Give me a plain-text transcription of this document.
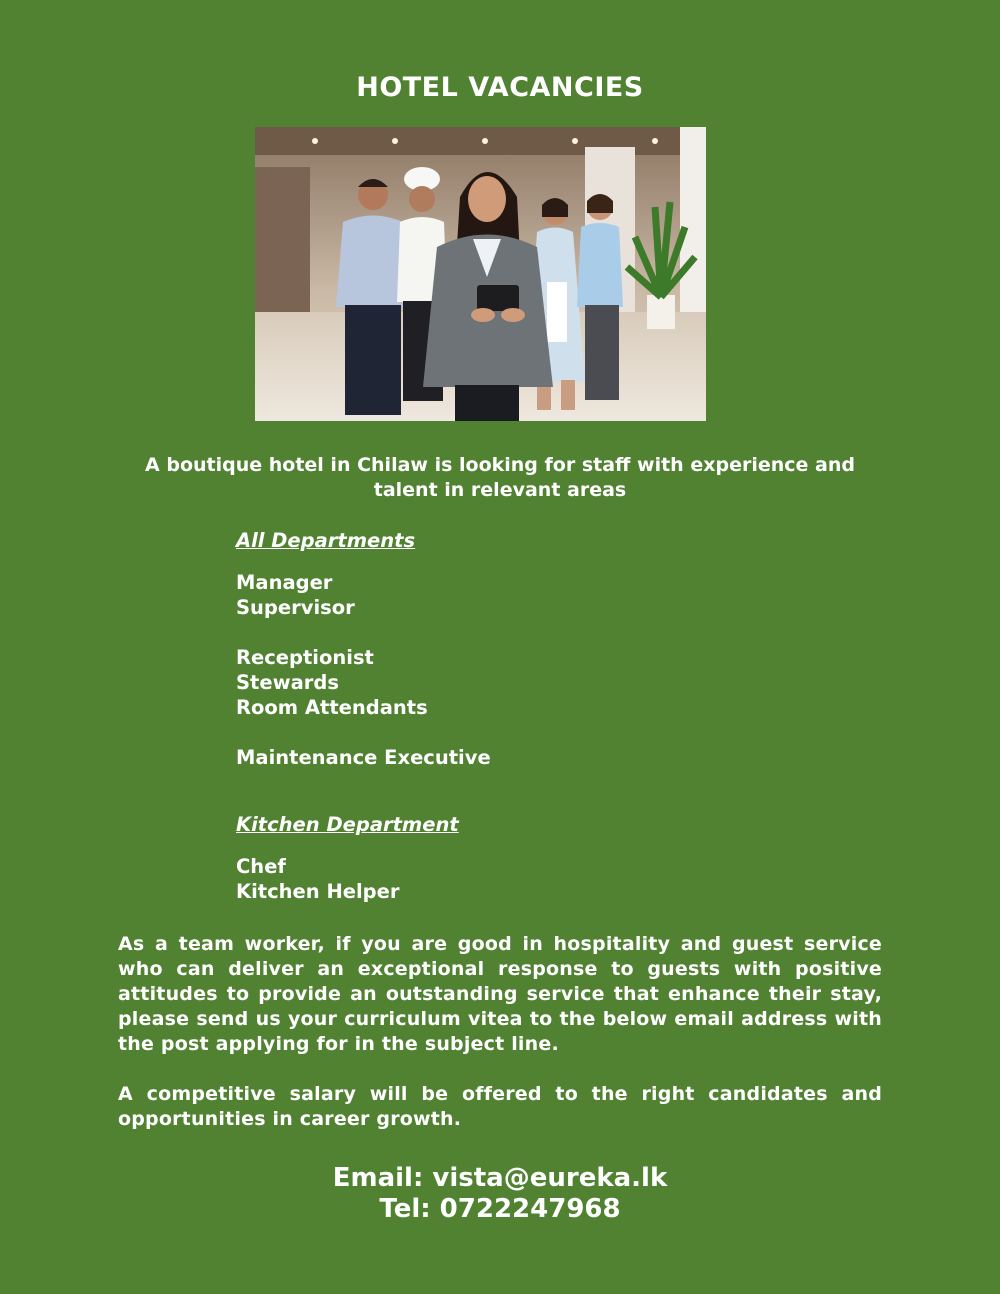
HOTEL VACANCIES
A boutique hotel in Chilaw is looking for staff with experience and talent in relevant areas
All Departments
Manager
Supervisor
Receptionist
Stewards
Room Attendants
Maintenance Executive
Kitchen Department
Chef
Kitchen Helper
As a team worker, if you are good in hospitality and guest service who can deliver an exceptional response to guests with positive attitudes to provide an outstanding service that enhance their stay, please send us your curriculum vitea to the below email address with the post applying for in the subject line.
A competitive salary will be offered to the right candidates and opportunities in career growth.
Email: vista@eureka.lk
Tel: 0722247968
